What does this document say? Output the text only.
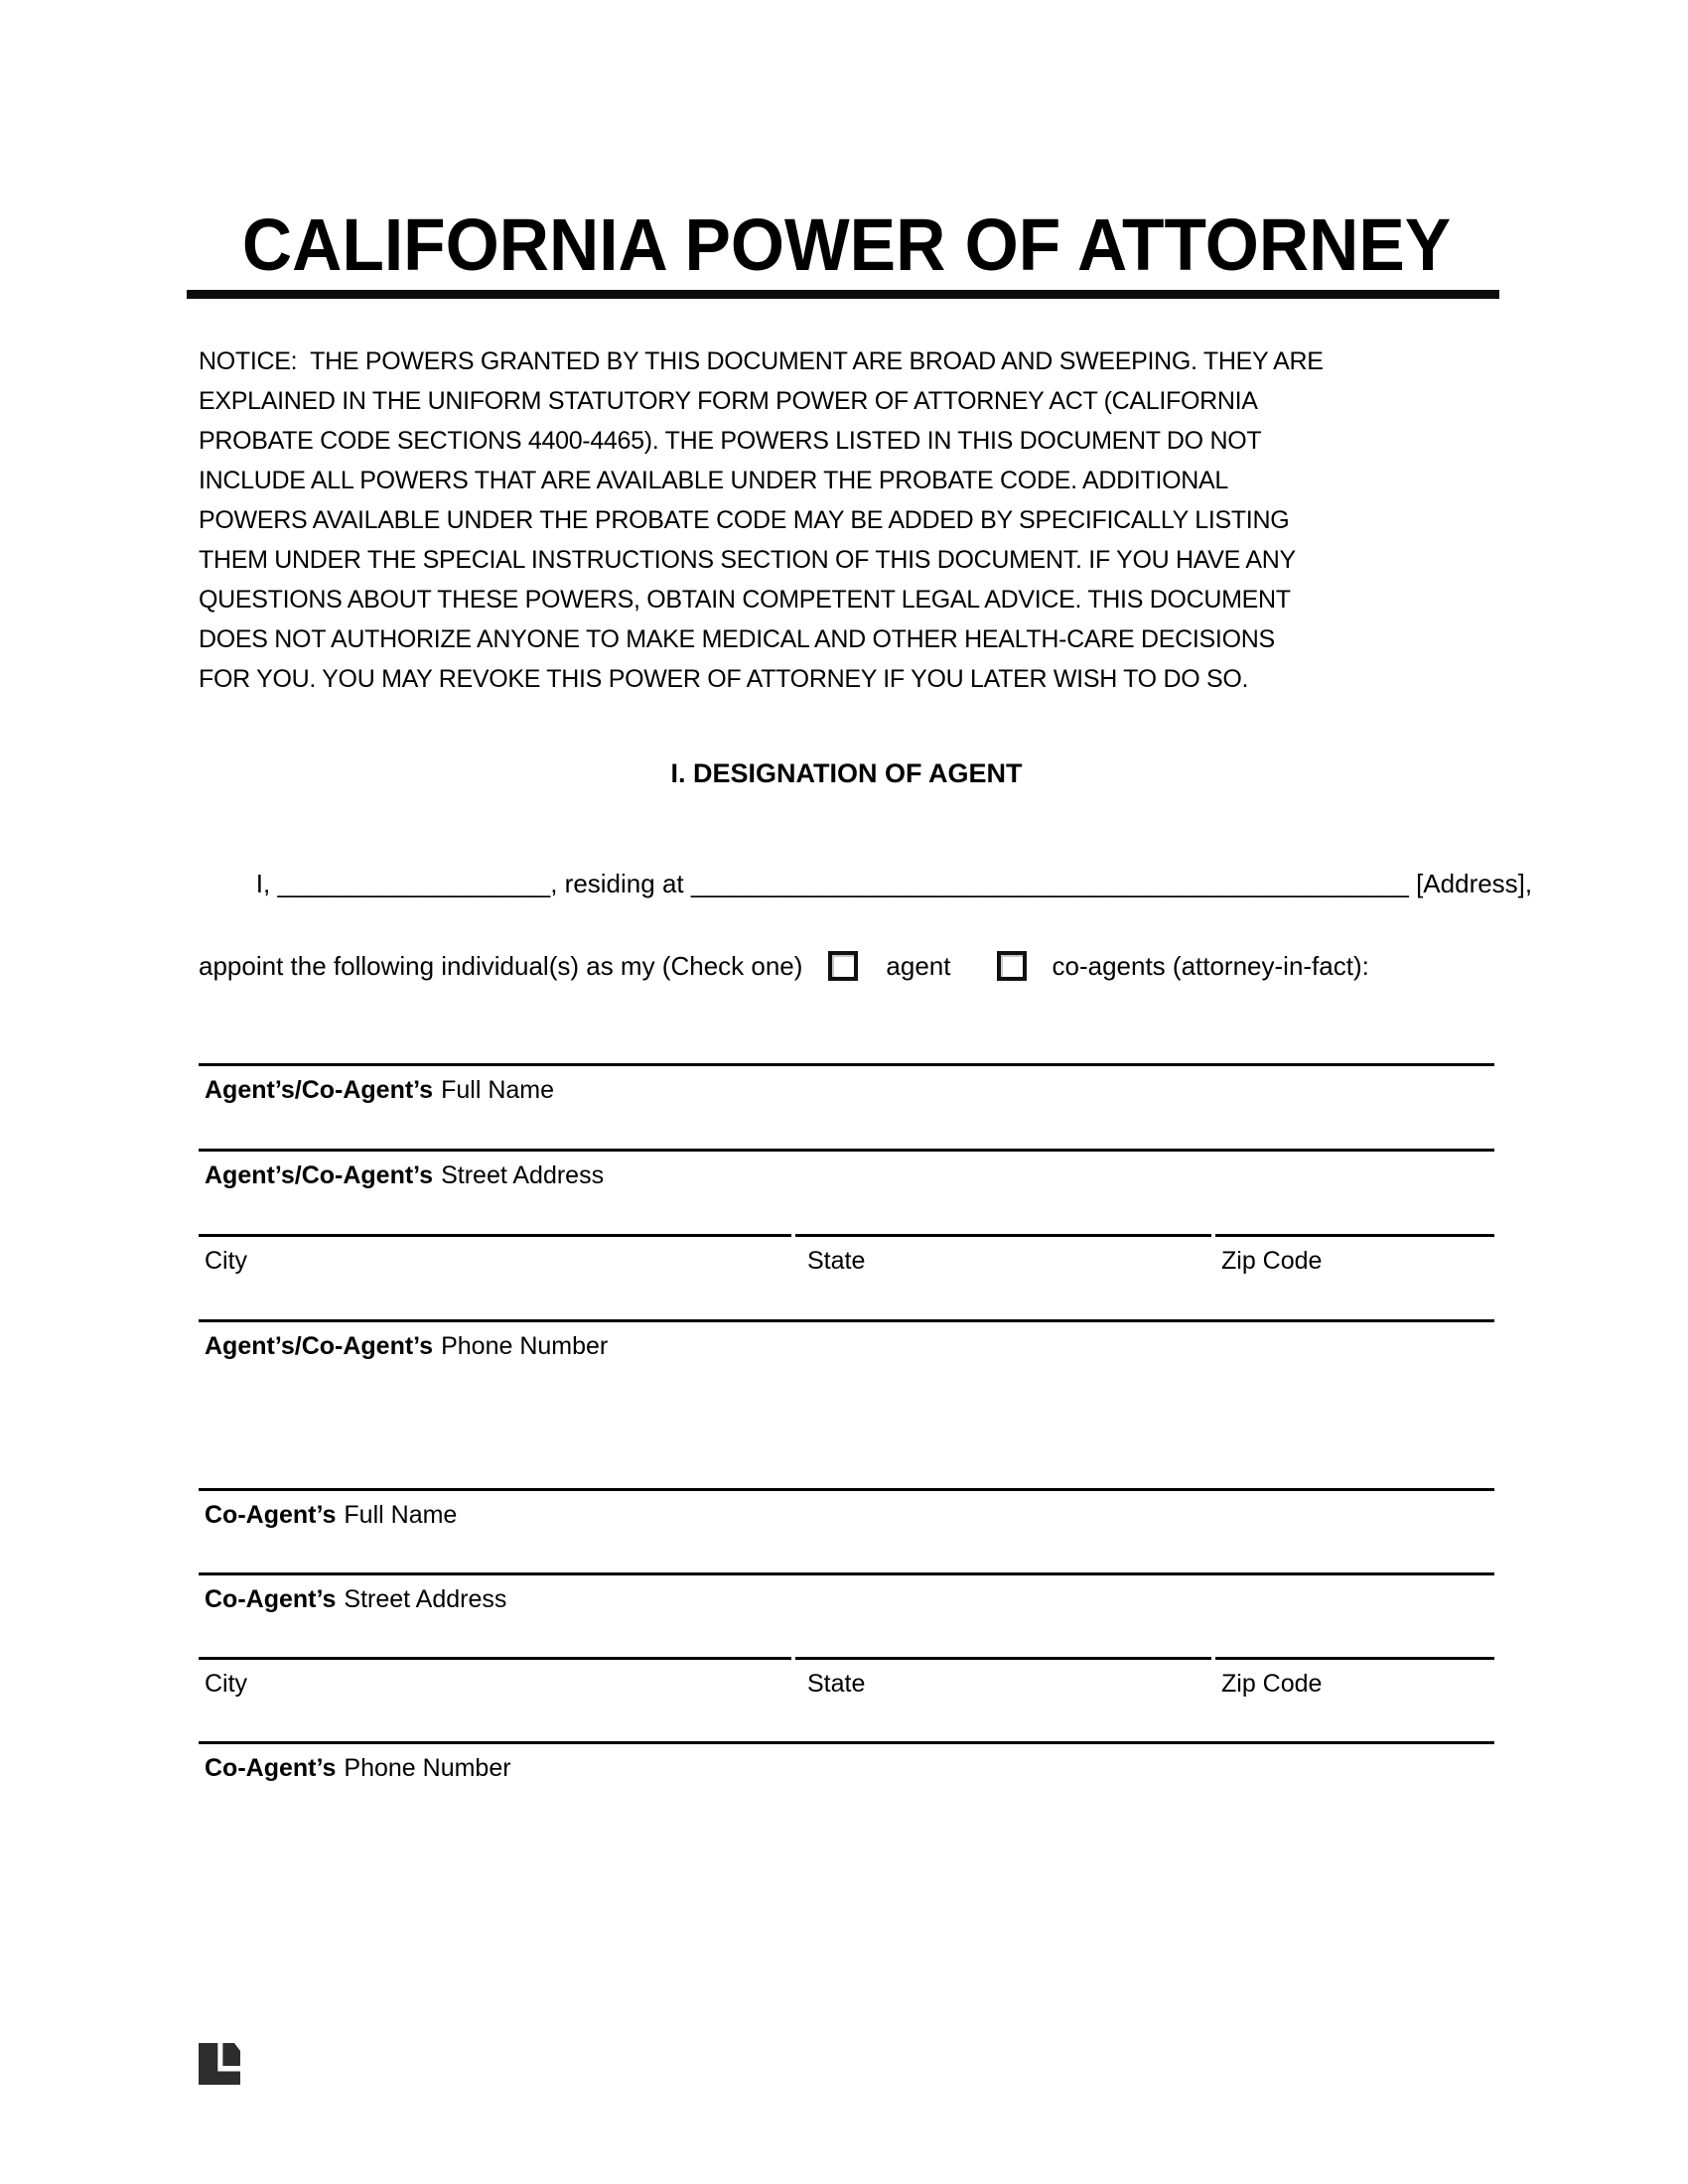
CALIFORNIA POWER OF ATTORNEY
NOTICE:  THE POWERS GRANTED BY THIS DOCUMENT ARE BROAD AND SWEEPING. THEY ARE
EXPLAINED IN THE UNIFORM STATUTORY FORM POWER OF ATTORNEY ACT (CALIFORNIA
PROBATE CODE SECTIONS 4400-4465). THE POWERS LISTED IN THIS DOCUMENT DO NOT
INCLUDE ALL POWERS THAT ARE AVAILABLE UNDER THE PROBATE CODE. ADDITIONAL
POWERS AVAILABLE UNDER THE PROBATE CODE MAY BE ADDED BY SPECIFICALLY LISTING
THEM UNDER THE SPECIAL INSTRUCTIONS SECTION OF THIS DOCUMENT. IF YOU HAVE ANY
QUESTIONS ABOUT THESE POWERS, OBTAIN COMPETENT LEGAL ADVICE. THIS DOCUMENT
DOES NOT AUTHORIZE ANYONE TO MAKE MEDICAL AND OTHER HEALTH-CARE DECISIONS
FOR YOU. YOU MAY REVOKE THIS POWER OF ATTORNEY IF YOU LATER WISH TO DO SO.
I. DESIGNATION OF AGENT

I, ___________________, residing at __________________________________________________ [Address],

appoint the following individual(s) as my (Check one)	agent	co-agents (attorney-in-fact):
Agent’s/Co-Agent’s Full Name
Agent’s/Co-Agent’s Street Address
City	State	Zip Code
Agent’s/Co-Agent’s Phone Number
Co-Agent’s Full Name
Co-Agent’s Street Address
City	State	Zip Code
Co-Agent’s Phone Number
